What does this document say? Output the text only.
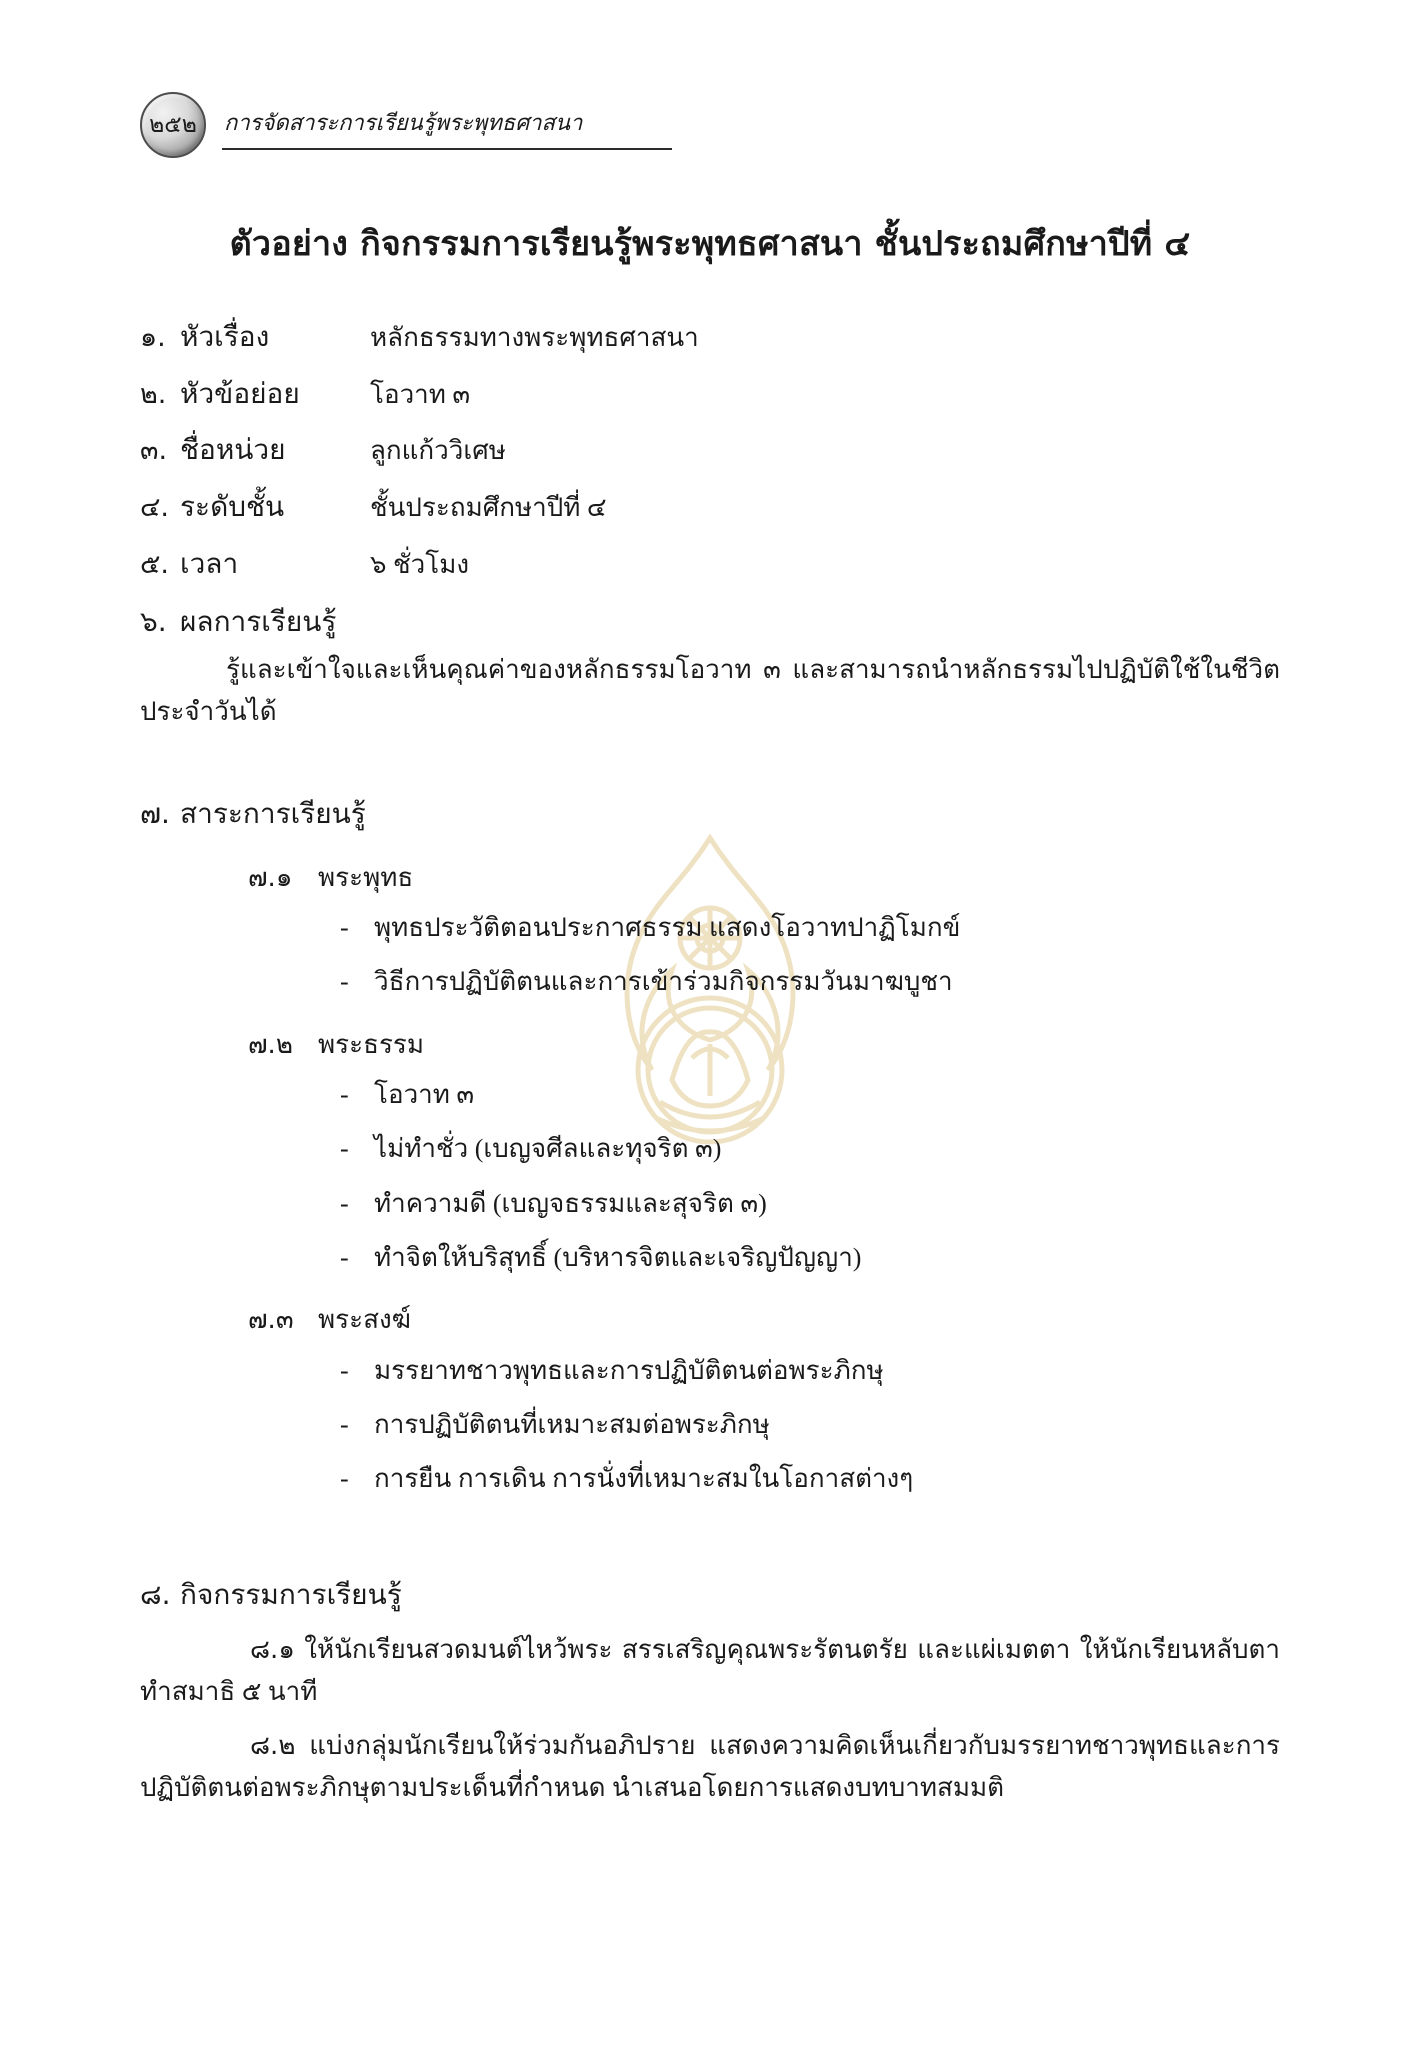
๒๕๒	การจัดสาระการเรียนรู้พระพุทธศาสนา
ตัวอย่าง กิจกรรมการเรียนรู้พระพุทธศาสนา ชั้นประถมศึกษาปีที่ ๔
๑. หัวเรื่อง	หลักธรรมทางพระพุทธศาสนา
๒. หัวข้อย่อย	โอวาท ๓
๓. ชื่อหน่วย	ลูกแก้ววิเศษ
๔. ระดับชั้น	ชั้นประถมศึกษาปีที่ ๔
๕. เวลา	๖ ชั่วโมง
๖. ผลการเรียนรู้

รู้และเข้าใจและเห็นคุณค่าของหลักธรรมโอวาท ๓ และสามารถนำหลักธรรมไปปฏิบัติใช้ในชีวิตประจำวันได้

๗. สาระการเรียนรู้
๗.๑ พระพุทธ
- พุทธประวัติตอนประกาศธรรม แสดงโอวาทปาฏิโมกข์
- วิธีการปฏิบัติตนและการเข้าร่วมกิจกรรมวันมาฆบูชา
๗.๒ พระธรรม
- โอวาท ๓
- ไม่ทำชั่ว (เบญจศีลและทุจริต ๓)
- ทำความดี (เบญจธรรมและสุจริต ๓)
- ทำจิตให้บริสุทธิ์ (บริหารจิตและเจริญปัญญา)
๗.๓ พระสงฆ์
- มรรยาทชาวพุทธและการปฏิบัติตนต่อพระภิกษุ
- การปฏิบัติตนที่เหมาะสมต่อพระภิกษุ
- การยืน การเดิน การนั่งที่เหมาะสมในโอกาสต่างๆ
๘. กิจกรรมการเรียนรู้

๘.๑ ให้นักเรียนสวดมนต์ไหว้พระ สรรเสริญคุณพระรัตนตรัย และแผ่เมตตา ให้นักเรียนหลับตาทำสมาธิ ๕ นาที

๘.๒ แบ่งกลุ่มนักเรียนให้ร่วมกันอภิปราย แสดงความคิดเห็นเกี่ยวกับมรรยาทชาวพุทธและการปฏิบัติตนต่อพระภิกษุตามประเด็นที่กำหนด นำเสนอโดยการแสดงบทบาทสมมติ
